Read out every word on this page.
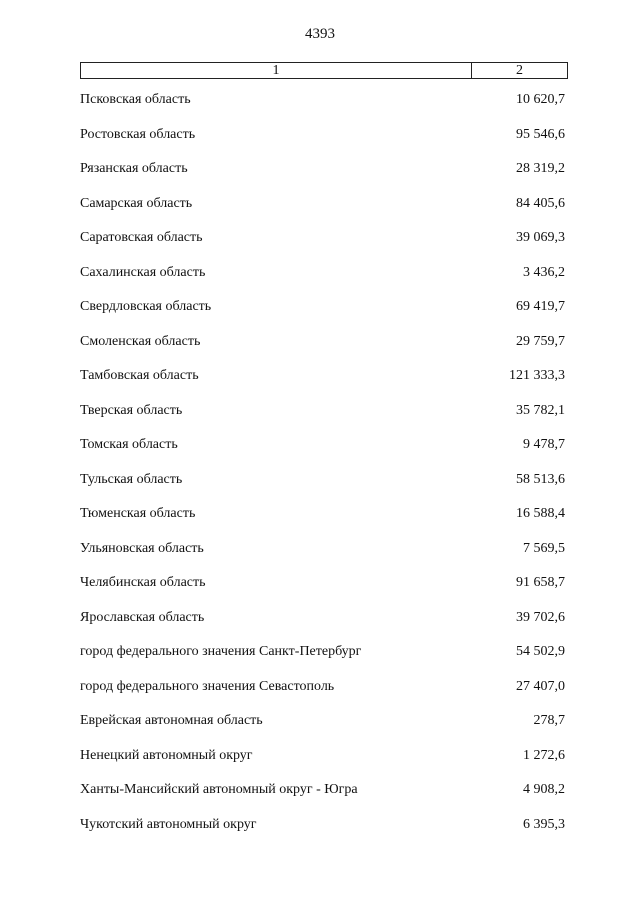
4393
1	2
Псковская область	10 620,7
Ростовская область	95 546,6
Рязанская область	28 319,2
Самарская область	84 405,6
Саратовская область	39 069,3
Сахалинская область	3 436,2
Свердловская область	69 419,7
Смоленская область	29 759,7
Тамбовская область	121 333,3
Тверская область	35 782,1
Томская область	9 478,7
Тульская область	58 513,6
Тюменская область	16 588,4
Ульяновская область	7 569,5
Челябинская область	91 658,7
Ярославская область	39 702,6
город федерального значения Санкт-Петербург	54 502,9
город федерального значения Севастополь	27 407,0
Еврейская автономная область	278,7
Ненецкий автономный округ	1 272,6
Ханты-Мансийский автономный округ - Югра	4 908,2
Чукотский автономный округ	6 395,3
